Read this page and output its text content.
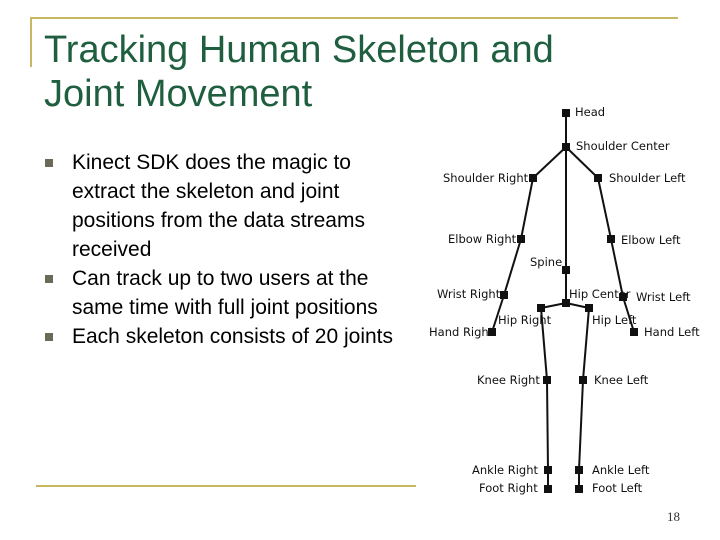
Tracking Human Skeleton and
Joint Movement
Kinect SDK does the magic to extract the skeleton and joint positions from the data streams received
Can track up to two users at the same time with full joint positions
Each skeleton consists of 20 joints
Head
Shoulder Center
Shoulder Right	Shoulder Left
Elbow Right	Elbow Left
Spine
Wrist Right	Hip Center Wrist Left
Hip Right	Hip Left
Hand Right	Hand Left
Knee Right	Knee Left
Ankle Right	Ankle Left
Foot Right	Foot Left
18
